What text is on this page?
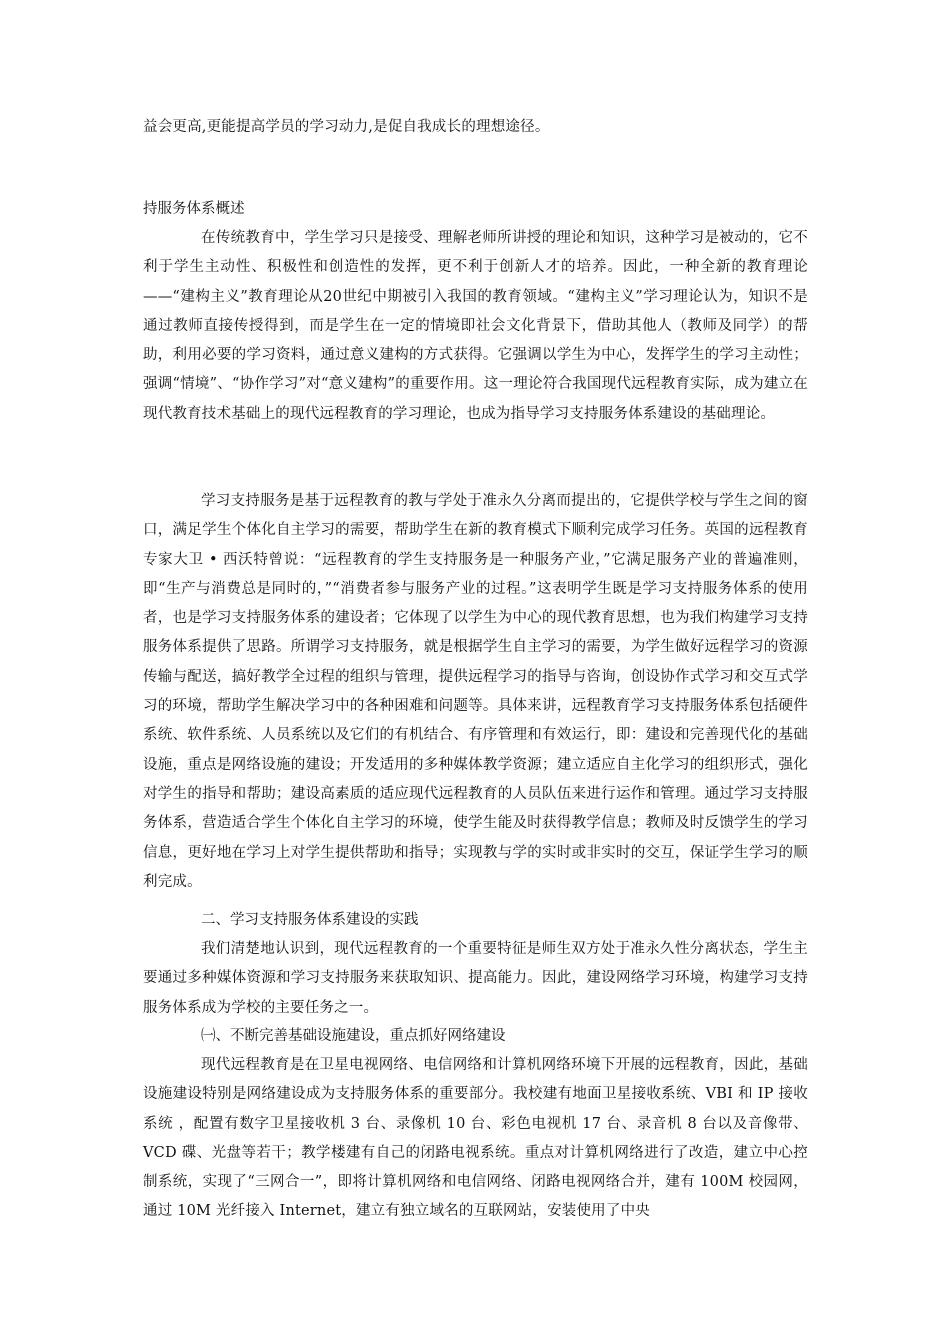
益会更高,更能提高学员的学习动力,是促自我成长的理想途径。

持服务体系概述

在传统教育中，学生学习只是接受、理解老师所讲授的理论和知识，这种学习是被动的，它不利于学生主动性、积极性和创造性的发挥，更不利于创新人才的培养。因此，一种全新的教育理论——“建构主义”教育理论从20世纪中期被引入我国的教育领域。“建构主义”学习理论认为，知识不是通过教师直接传授得到，而是学生在一定的情境即社会文化背景下，借助其他人（教师及同学）的帮助，利用必要的学习资料，通过意义建构的方式获得。它强调以学生为中心，发挥学生的学习主动性；强调“情境”、“协作学习”对“意义建构”的重要作用。这一理论符合我国现代远程教育实际，成为建立在现代教育技术基础上的现代远程教育的学习理论，也成为指导学习支持服务体系建设的基础理论。

学习支持服务是基于远程教育的教与学处于准永久分离而提出的，它提供学校与学生之间的窗口，满足学生个体化自主学习的需要，帮助学生在新的教育模式下顺利完成学习任务。英国的远程教育专家大卫 • 西沃特曾说：“远程教育的学生支持服务是一种服务产业，”它满足服务产业的普遍准则，即“生产与消费总是同时的，”“消费者参与服务产业的过程。”这表明学生既是学习支持服务体系的使用者，也是学习支持服务体系的建设者；它体现了以学生为中心的现代教育思想，也为我们构建学习支持服务体系提供了思路。所谓学习支持服务，就是根据学生自主学习的需要，为学生做好远程学习的资源传输与配送，搞好教学全过程的组织与管理，提供远程学习的指导与咨询，创设协作式学习和交互式学习的环境，帮助学生解决学习中的各种困难和问题等。具体来讲，远程教育学习支持服务体系包括硬件系统、软件系统、人员系统以及它们的有机结合、有序管理和有效运行，即：建设和完善现代化的基础设施，重点是网络设施的建设；开发适用的多种媒体教学资源；建立适应自主化学习的组织形式，强化对学生的指导和帮助；建设高素质的适应现代远程教育的人员队伍来进行运作和管理。通过学习支持服务体系，营造适合学生个体化自主学习的环境，使学生能及时获得教学信息；教师及时反馈学生的学习信息，更好地在学习上对学生提供帮助和指导；实现教与学的实时或非实时的交互，保证学生学习的顺利完成。

二、学习支持服务体系建设的实践

我们清楚地认识到，现代远程教育的一个重要特征是师生双方处于准永久性分离状态，学生主要通过多种媒体资源和学习支持服务来获取知识、提高能力。因此，建设网络学习环境，构建学习支持服务体系成为学校的主要任务之一。

㈠、不断完善基础设施建设，重点抓好网络建设

现代远程教育是在卫星电视网络、电信网络和计算机网络环境下开展的远程教育，因此，基础设施建设特别是网络建设成为支持服务体系的重要部分。我校建有地面卫星接收系统、VBI 和 IP 接收系统 ，配置有数字卫星接收机 3 台、录像机 10 台、彩色电视机 17 台、录音机 8 台以及音像带、VCD 碟、光盘等若干；教学楼建有自己的闭路电视系统。重点对计算机网络进行了改造，建立中心控制系统，实现了“三网合一”，即将计算机网络和电信网络、闭路电视网络合并，建有 100M 校园网，通过 10M 光纤接入 Internet，建立有独立域名的互联网站，安装使用了中央
